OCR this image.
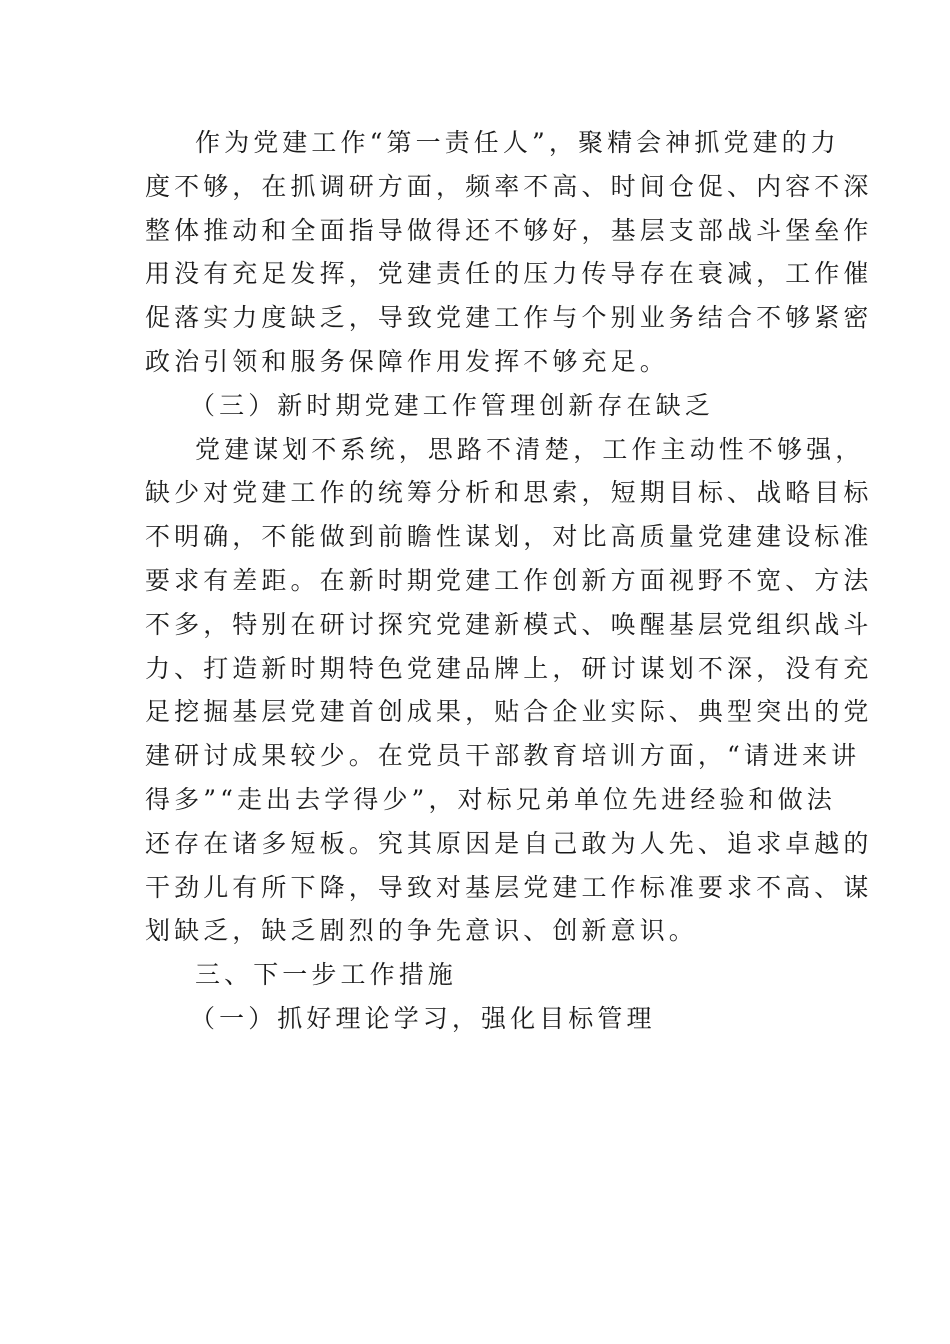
作为党建工作“第一责任人”，聚精会神抓党建的力
度不够，在抓调研方面，频率不高、时间仓促、内容不深
整体推动和全面指导做得还不够好，基层支部战斗堡垒作
用没有充足发挥，党建责任的压力传导存在衰减，工作催
促落实力度缺乏，导致党建工作与个别业务结合不够紧密
政治引领和服务保障作用发挥不够充足。
（三）新时期党建工作管理创新存在缺乏
党建谋划不系统，思路不清楚，工作主动性不够强，
缺少对党建工作的统筹分析和思索，短期目标、战略目标
不明确，不能做到前瞻性谋划，对比高质量党建建设标准
要求有差距。在新时期党建工作创新方面视野不宽、方法
不多，特别在研讨探究党建新模式、唤醒基层党组织战斗
力、打造新时期特色党建品牌上，研讨谋划不深，没有充
足挖掘基层党建首创成果，贴合企业实际、典型突出的党
建研讨成果较少。在党员干部教育培训方面，“请进来讲
得多”“走出去学得少”，对标兄弟单位先进经验和做法
还存在诸多短板。究其原因是自己敢为人先、追求卓越的
干劲儿有所下降，导致对基层党建工作标准要求不高、谋
划缺乏，缺乏剧烈的争先意识、创新意识。
三、下一步工作措施
（一）抓好理论学习，强化目标管理
